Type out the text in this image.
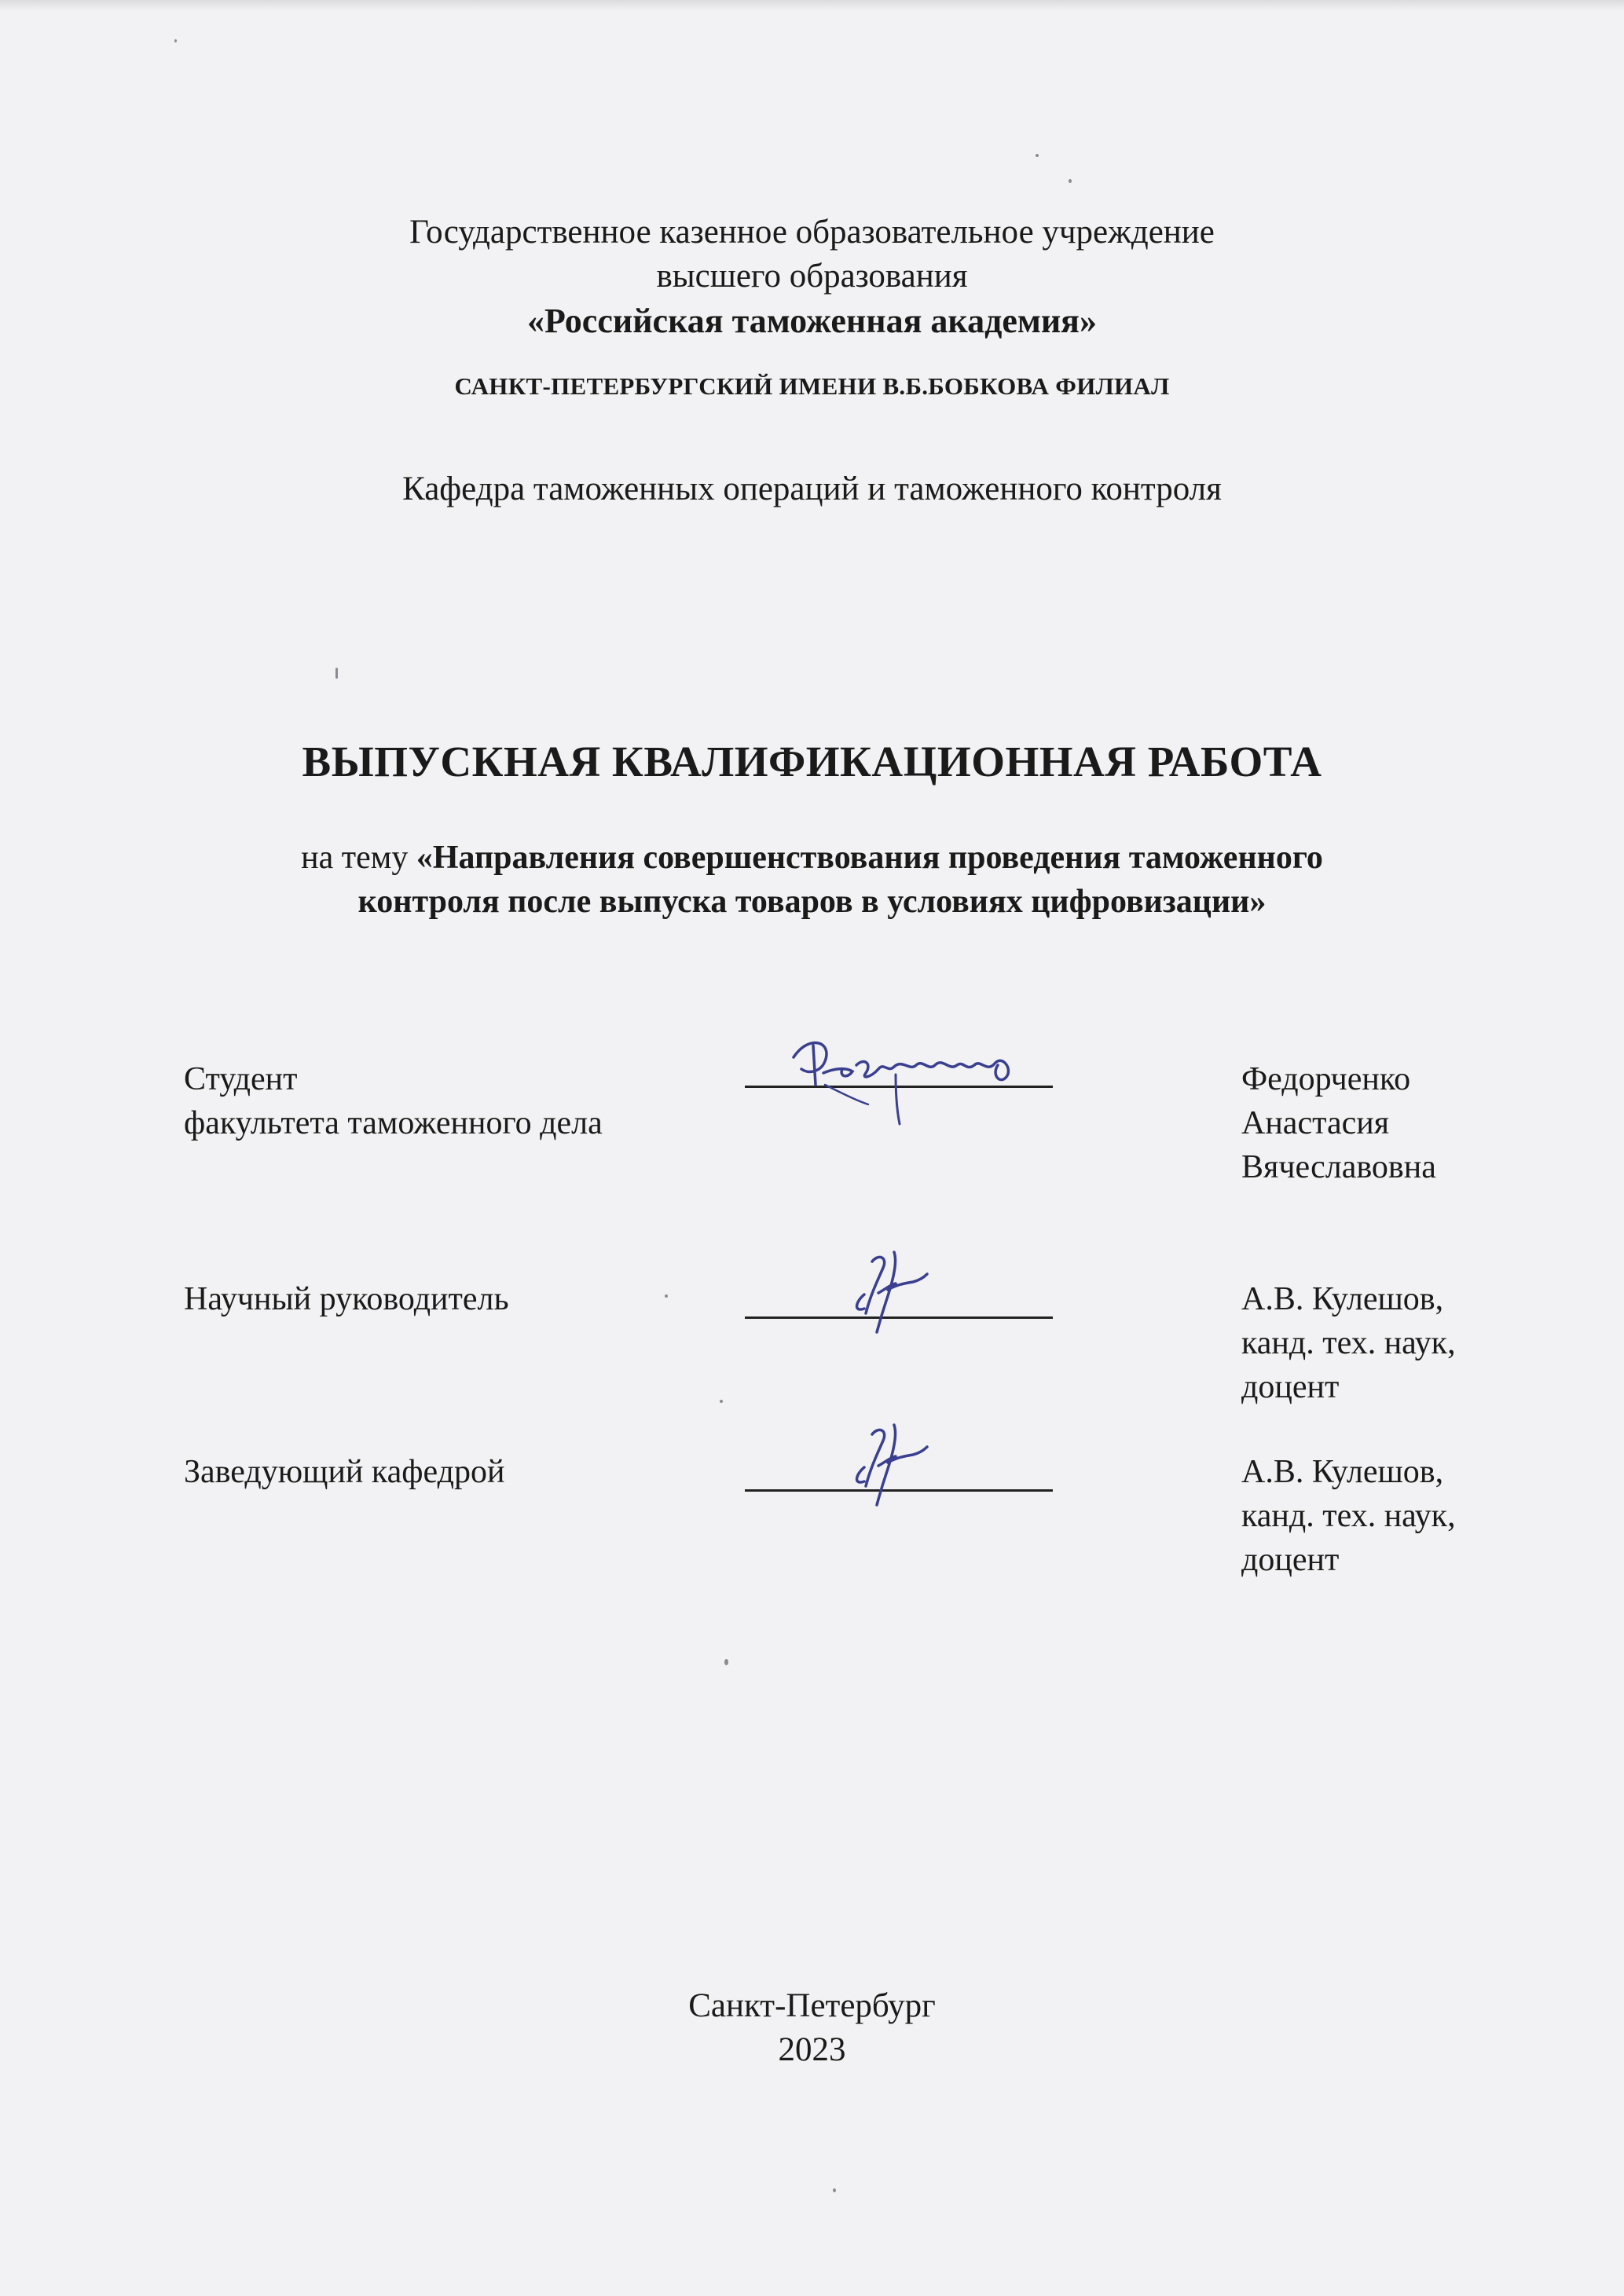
Государственное казенное образовательное учреждение
высшего образования
«Российская таможенная академия»
САНКТ-ПЕТЕРБУРГСКИЙ ИМЕНИ В.Б.БОБКОВА ФИЛИАЛ
Кафедра таможенных операций и таможенного контроля
ВЫПУСКНАЯ КВАЛИФИКАЦИОННАЯ РАБОТА
на тему «Направления совершенствования проведения таможенного
контроля после выпуска товаров в условиях цифровизации»
Студент
факультета таможенного дела
Федорченко
Анастасия
Вячеславовна
Научный руководитель	А.В. Кулешов,
канд. тех. наук,
доцент
Заведующий кафедрой	А.В. Кулешов,
канд. тех. наук,
доцент
Санкт-Петербург
2023
